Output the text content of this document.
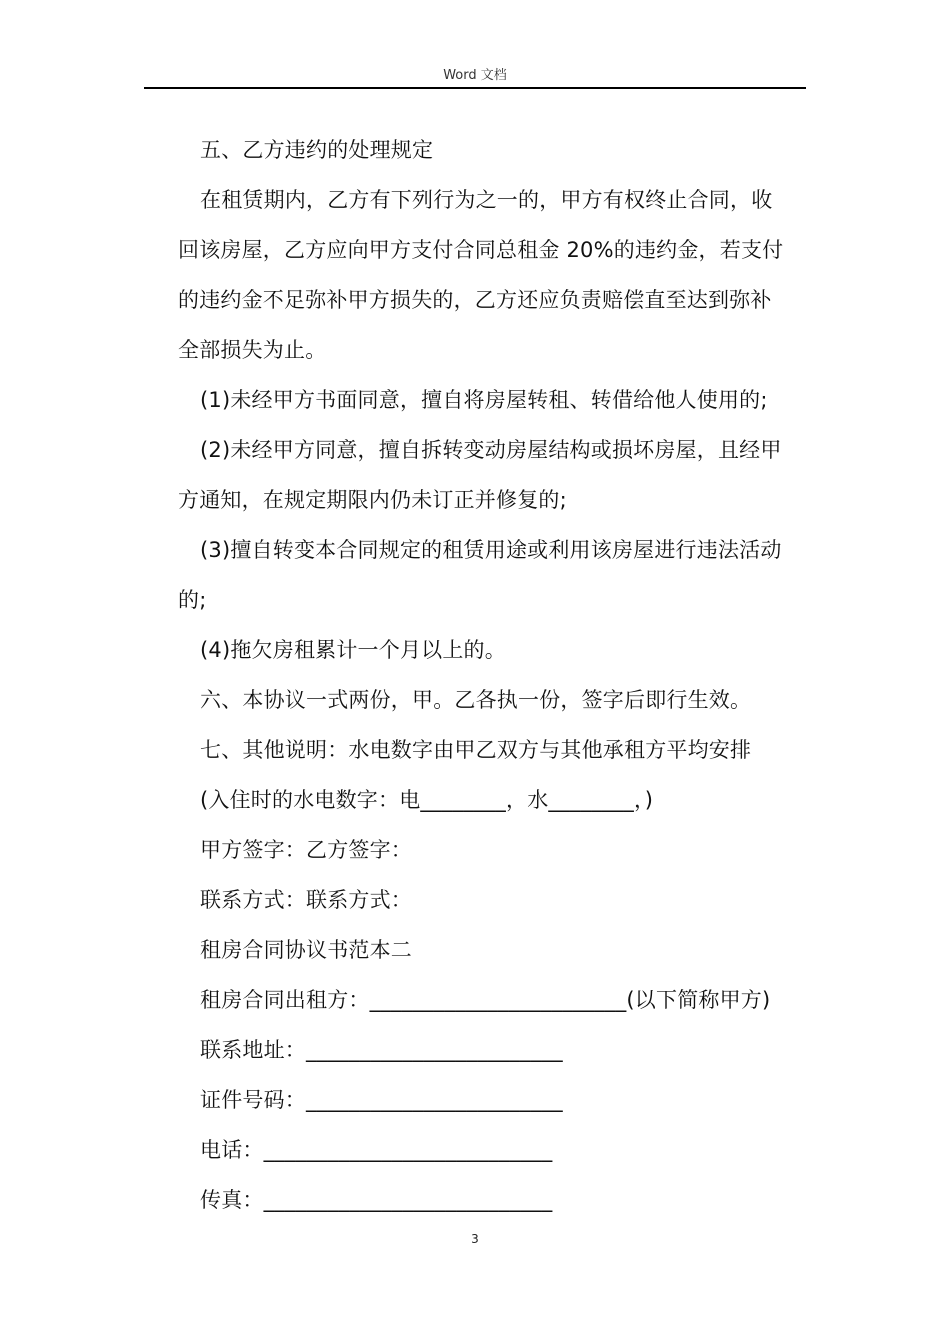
Word 文档
五、乙方违约的处理规定
在租赁期内，乙方有下列行为之一的，甲方有权终止合同，收
回该房屋，乙方应向甲方支付合同总租金 20%的违约金，若支付
的违约金不足弥补甲方损失的，乙方还应负责赔偿直至达到弥补
全部损失为止。
(1)未经甲方书面同意，擅自将房屋转租、转借给他人使用的;
(2)未经甲方同意，擅自拆转变动房屋结构或损坏房屋，且经甲
方通知，在规定期限内仍未订正并修复的;
(3)擅自转变本合同规定的租赁用途或利用该房屋进行违法活动
的;
(4)拖欠房租累计一个月以上的。
六、本协议一式两份，甲。乙各执一份，签字后即行生效。
七、其他说明：水电数字由甲乙双方与其他承租方平均安排
(入住时的水电数字：电________，水________，)
甲方签字：乙方签字：
联系方式：联系方式：
租房合同协议书范本二
租房合同出租方：________________________(以下简称甲方)
联系地址：________________________
证件号码：________________________
电话：___________________________
传真：___________________________
3
